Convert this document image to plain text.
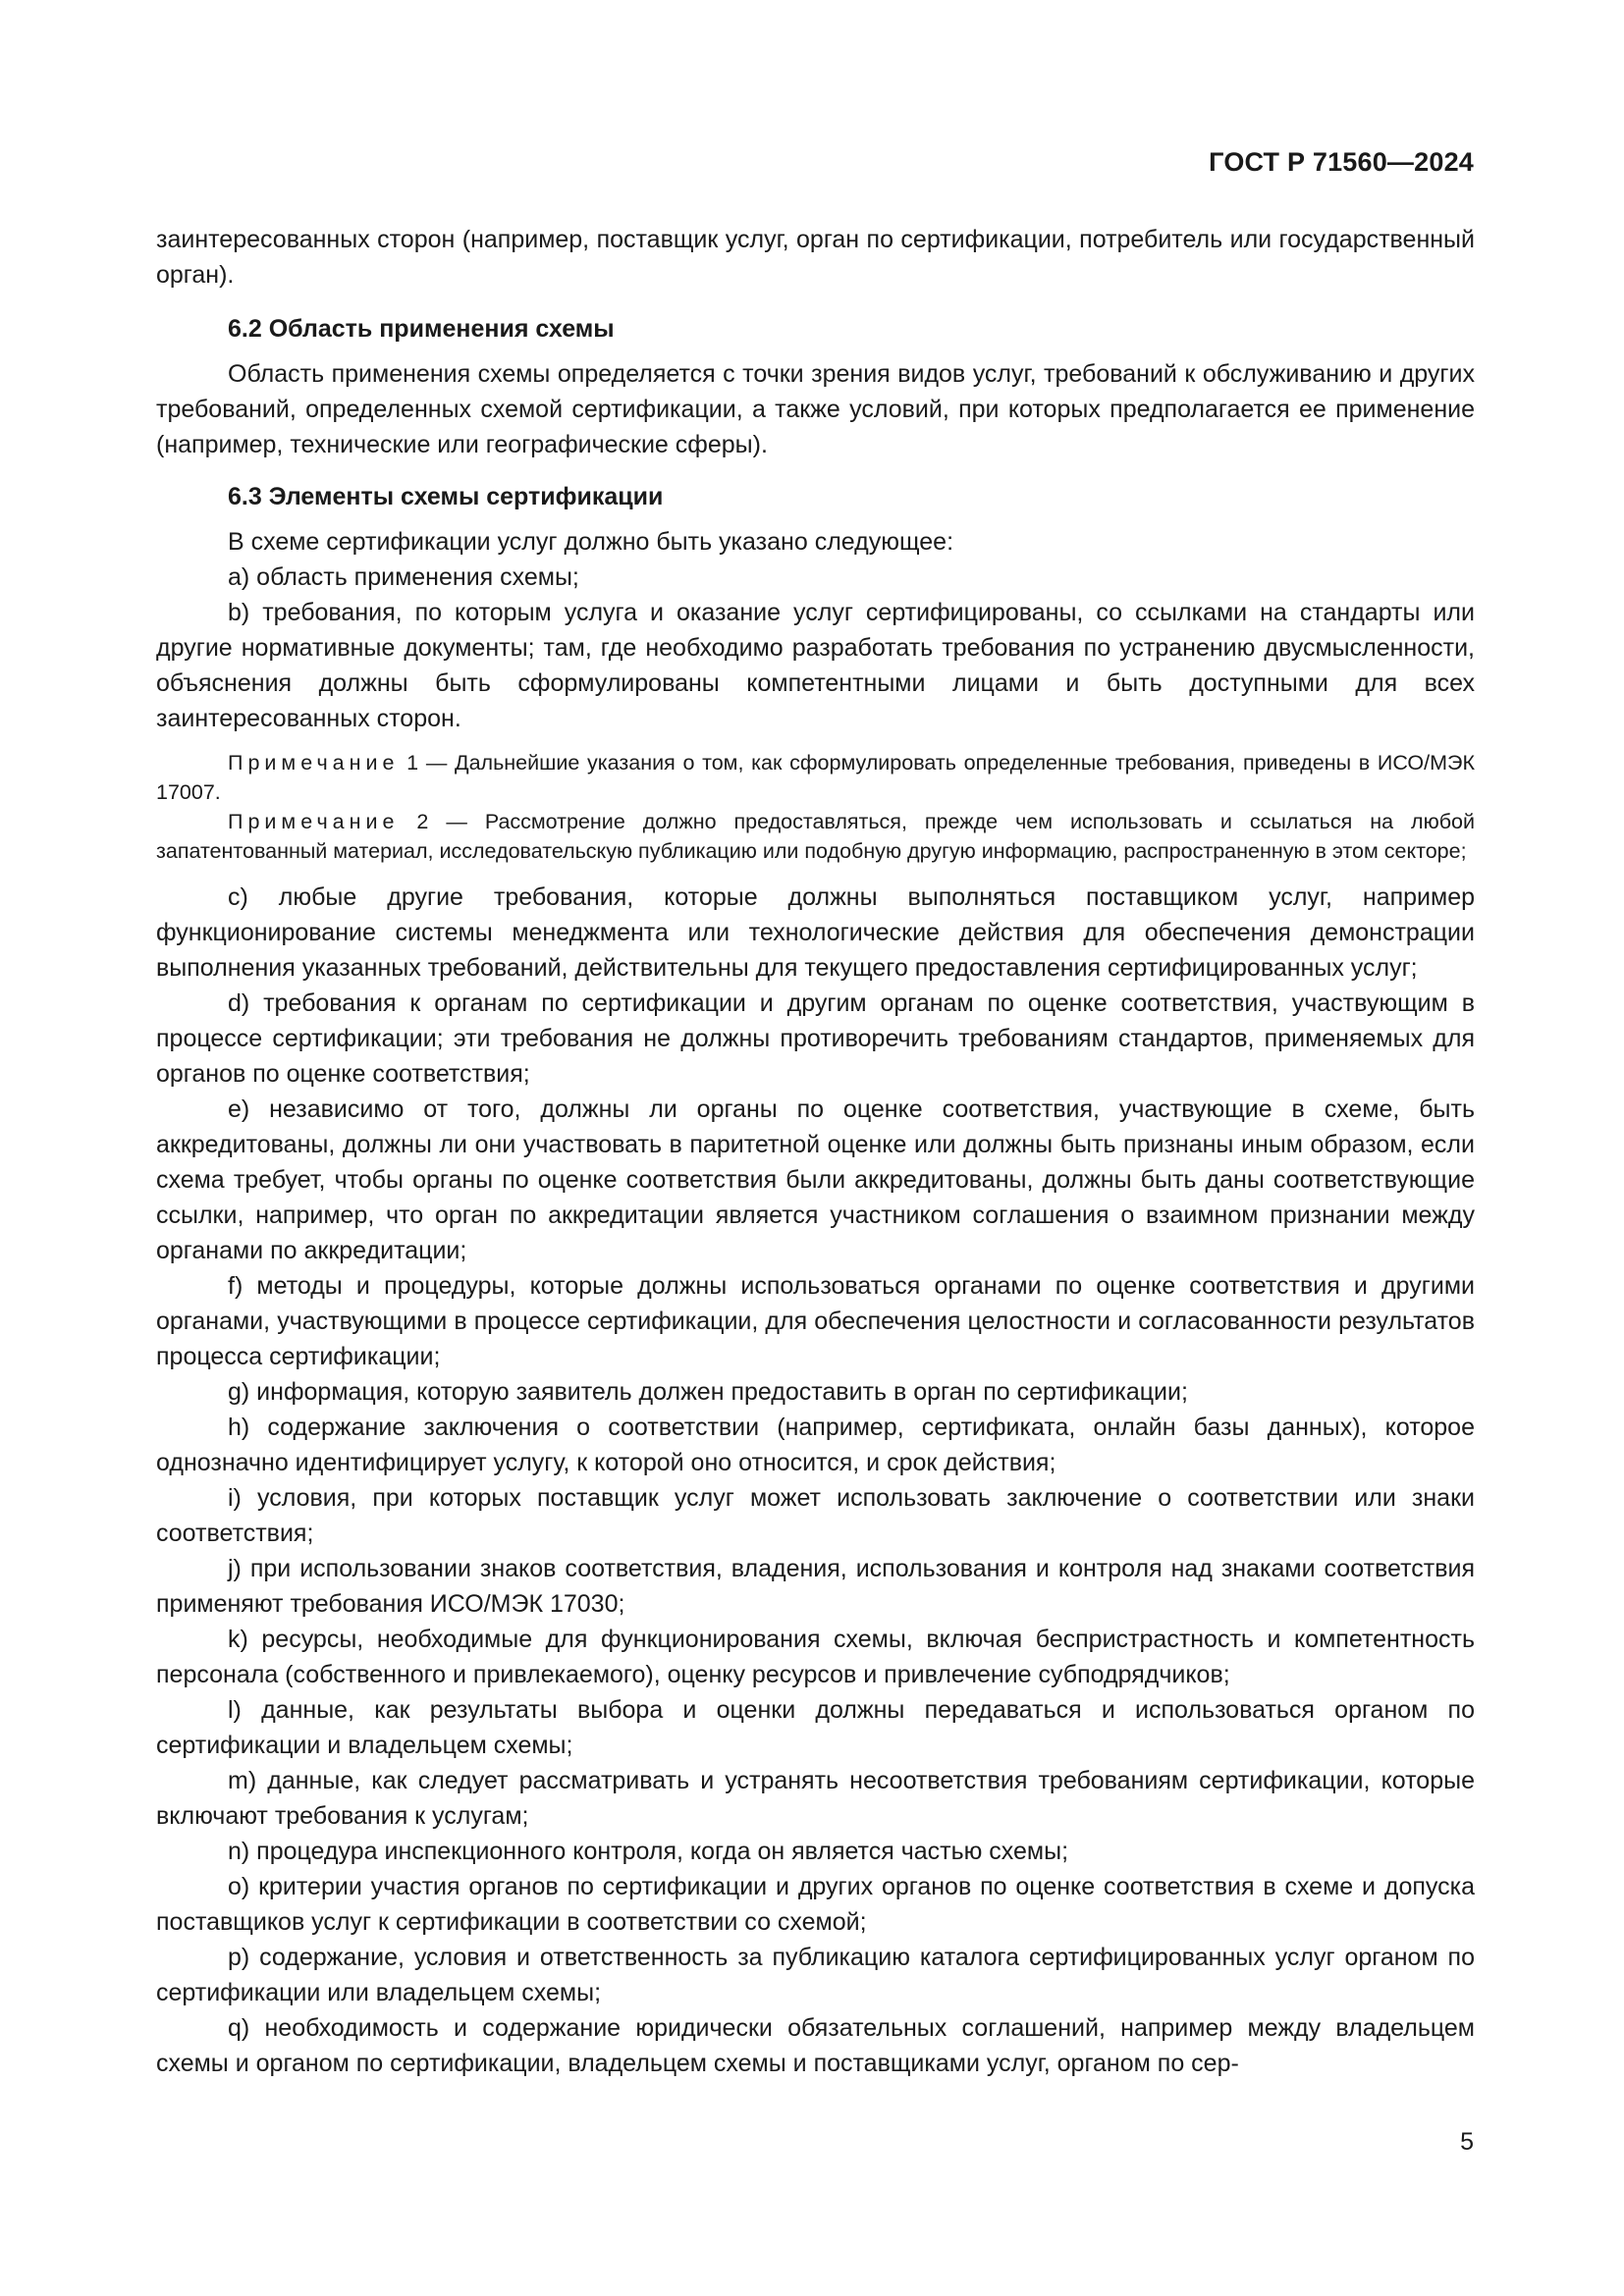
ГОСТ Р 71560—2024

заинтересованных сторон (например, поставщик услуг, орган по сертификации, потребитель или государственный орган).

6.2 Область применения схемы

Область применения схемы определяется с точки зрения видов услуг, требований к обслуживанию и других требований, определенных схемой сертификации, а также условий, при которых предполагается ее применение (например, технические или географические сферы).

6.3 Элементы схемы сертификации

В схеме сертификации услуг должно быть указано следующее:

a) область применения схемы;

b) требования, по которым услуга и оказание услуг сертифицированы, со ссылками на стандарты или другие нормативные документы; там, где необходимо разработать требования по устранению двусмысленности, объяснения должны быть сформулированы компетентными лицами и быть доступными для всех заинтересованных сторон.

Примечание 1 — Дальнейшие указания о том, как сформулировать определенные требования, приведены в ИСО/МЭК 17007.

Примечание 2 — Рассмотрение должно предоставляться, прежде чем использовать и ссылаться на любой запатентованный материал, исследовательскую публикацию или подобную другую информацию, распространенную в этом секторе;

c) любые другие требования, которые должны выполняться поставщиком услуг, например функционирование системы менеджмента или технологические действия для обеспечения демонстрации выполнения указанных требований, действительны для текущего предоставления сертифицированных услуг;

d) требования к органам по сертификации и другим органам по оценке соответствия, участвующим в процессе сертификации; эти требования не должны противоречить требованиям стандартов, применяемых для органов по оценке соответствия;

e) независимо от того, должны ли органы по оценке соответствия, участвующие в схеме, быть аккредитованы, должны ли они участвовать в паритетной оценке или должны быть признаны иным образом, если схема требует, чтобы органы по оценке соответствия были аккредитованы, должны быть даны соответствующие ссылки, например, что орган по аккредитации является участником соглашения о взаимном признании между органами по аккредитации;

f) методы и процедуры, которые должны использоваться органами по оценке соответствия и другими органами, участвующими в процессе сертификации, для обеспечения целостности и согласованности результатов процесса сертификации;

g) информация, которую заявитель должен предоставить в орган по сертификации;

h) содержание заключения о соответствии (например, сертификата, онлайн базы данных), которое однозначно идентифицирует услугу, к которой оно относится, и срок действия;

i) условия, при которых поставщик услуг может использовать заключение о соответствии или знаки соответствия;

j) при использовании знаков соответствия, владения, использования и контроля над знаками соответствия применяют требования ИСО/МЭК 17030;

k) ресурсы, необходимые для функционирования схемы, включая беспристрастность и компетентность персонала (собственного и привлекаемого), оценку ресурсов и привлечение субподрядчиков;

l) данные, как результаты выбора и оценки должны передаваться и использоваться органом по сертификации и владельцем схемы;

m) данные, как следует рассматривать и устранять несоответствия требованиям сертификации, которые включают требования к услугам;

n) процедура инспекционного контроля, когда он является частью схемы;

o) критерии участия органов по сертификации и других органов по оценке соответствия в схеме и допуска поставщиков услуг к сертификации в соответствии со схемой;

p) содержание, условия и ответственность за публикацию каталога сертифицированных услуг органом по сертификации или владельцем схемы;

q) необходимость и содержание юридически обязательных соглашений, например между владельцем схемы и органом по сертификации, владельцем схемы и поставщиками услуг, органом по сер-

5
